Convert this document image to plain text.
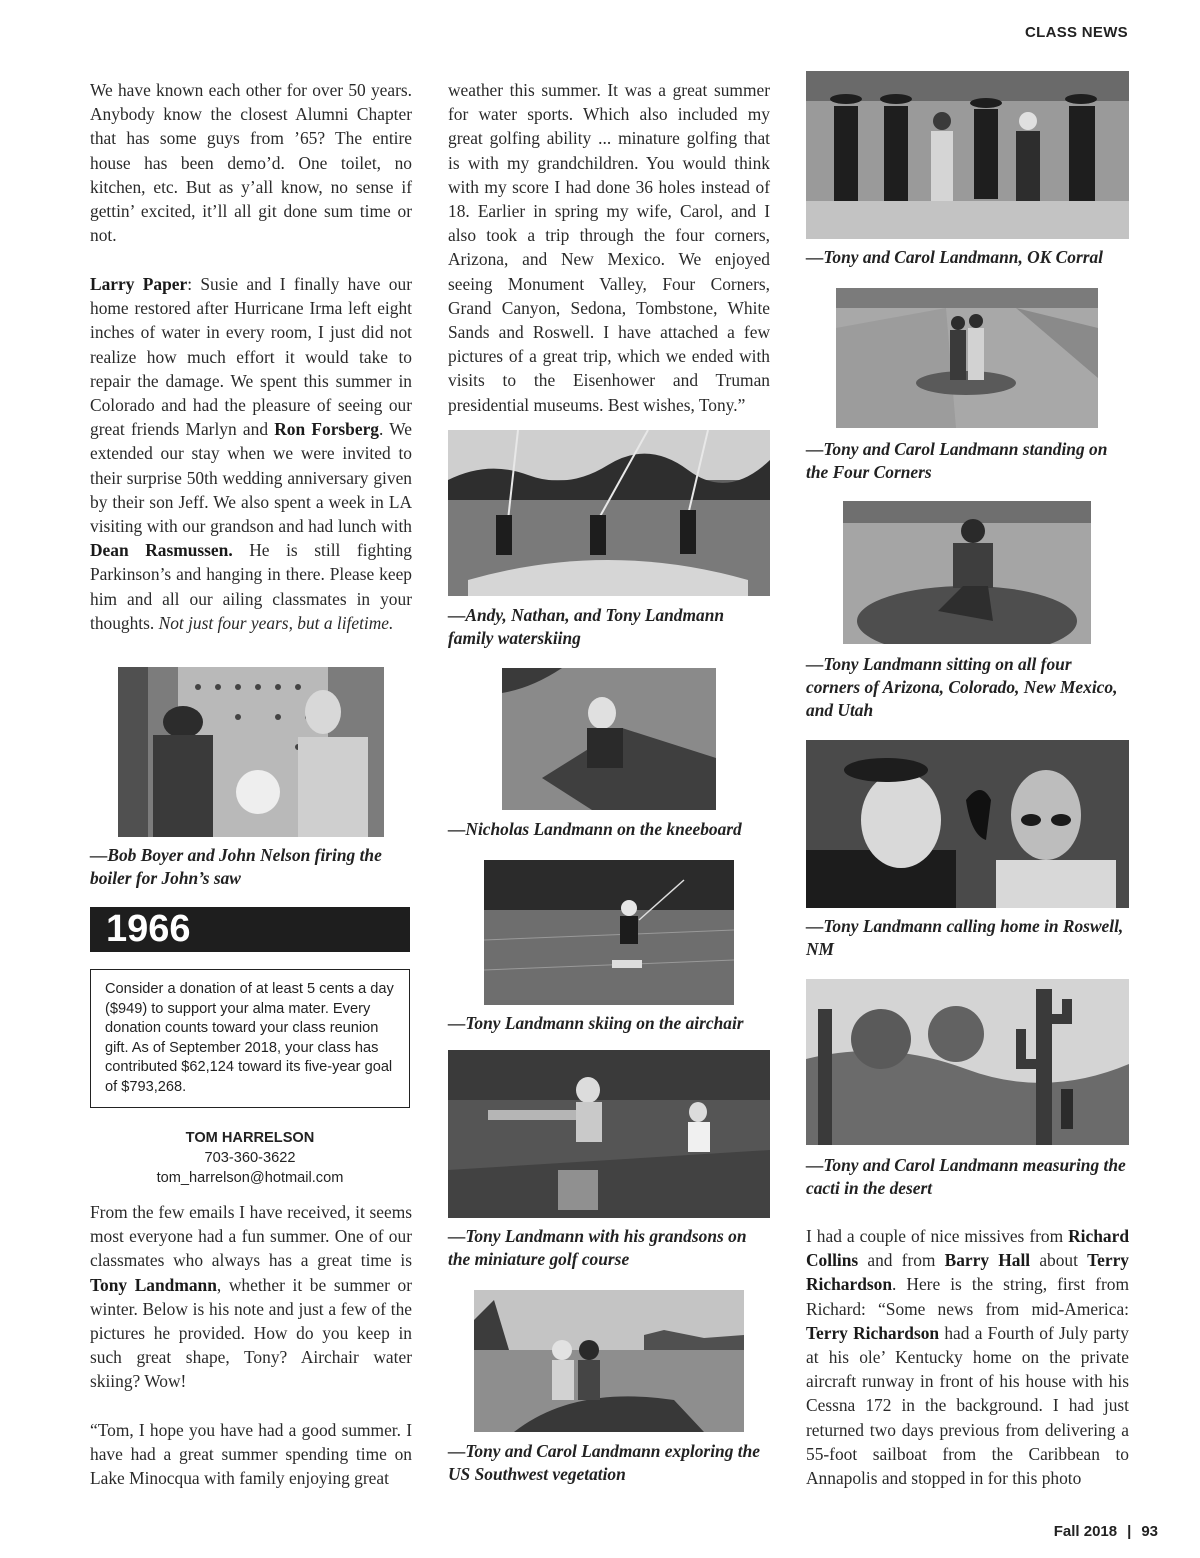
CLASS NEWS
Fall 2018 | 93

We have known each other for over 50 years. Anybody know the closest Alumni Chapter that has some guys from ’65? The entire house has been demo’d. One toilet, no kitchen, etc. But as y’all know, no sense if gettin’ excited, it’ll all git done sum time or not.

Larry Paper: Susie and I finally have our home restored after Hurricane Irma left eight inches of water in every room, I just did not realize how much effort it would take to repair the damage. We spent this summer in Colorado and had the pleasure of seeing our great friends Marlyn and Ron Forsberg. We extended our stay when we were invited to their surprise 50th wedding anniversary given by their son Jeff. We also spent a week in LA visiting with our grandson and had lunch with Dean Rasmussen. He is still fighting Parkinson’s and hanging in there. Please keep him and all our ailing classmates in your thoughts. Not just four years, but a lifetime.

—Bob Boyer and John Nelson firing the boiler for John’s saw

1966
Consider a donation of at least 5 cents a day ($949) to support your alma mater. Every donation counts toward your class reunion gift. As of September 2018, your class has contributed $62,124 toward its five-year goal of $793,268.
TOM HARRELSON
703-360-3622
tom_harrelson@hotmail.com

From the few emails I have received, it seems most everyone had a fun summer. One of our classmates who always has a great time is Tony Landmann, whether it be summer or winter. Below is his note and just a few of the pictures he provided. How do you keep in such great shape, Tony? Airchair water skiing? Wow!

“Tom, I hope you have had a good summer. I have had a great summer spending time on Lake Minocqua with family enjoying great

weather this summer. It was a great summer for water sports. Which also included my great golfing ability ... minature golfing that is with my grandchildren. You would think with my score I had done 36 holes instead of 18. Earlier in spring my wife, Carol, and I also took a trip through the four corners, Arizona, and New Mexico. We enjoyed seeing Monument Valley, Four Corners, Grand Canyon, Sedona, Tombstone, White Sands and Roswell. I have attached a few pictures of a great trip, which we ended with visits to the Eisenhower and Truman presidential museums. Best wishes, Tony.”

—Andy, Nathan, and Tony Landmann family waterskiing

—Nicholas Landmann on the kneeboard

—Tony Landmann skiing on the airchair

—Tony Landmann with his grandsons on the miniature golf course

—Tony and Carol Landmann exploring the US Southwest vegetation

—Tony and Carol Landmann, OK Corral

—Tony and Carol Landmann standing on the Four Corners

—Tony Landmann sitting on all four corners of Arizona, Colorado, New Mexico, and Utah

—Tony Landmann calling home in Roswell, NM

—Tony and Carol Landmann measuring the cacti in the desert

I had a couple of nice missives from Richard Collins and from Barry Hall about Terry Richardson. Here is the string, first from Richard: “Some news from mid-America: Terry Richardson had a Fourth of July party at his ole’ Kentucky home on the private aircraft runway in front of his house with his Cessna 172 in the background. I had just returned two days previous from delivering a 55-foot sailboat from the Caribbean to Annapolis and stopped in for this photo
